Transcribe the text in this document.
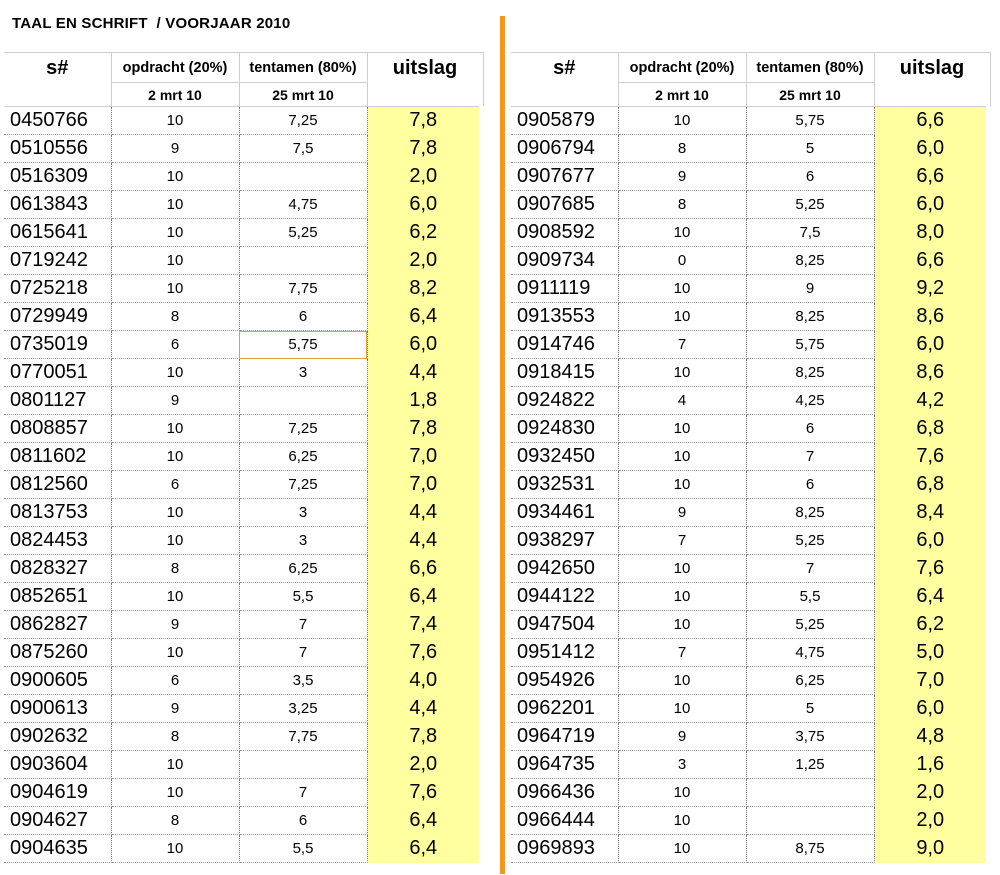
TAAL EN SCHRIFT  / VOORJAAR 2010
s#	opdracht (20%)	tentamen (80%)	uitslag
	2 mrt 10	25 mrt 10	
0450766	10	7,25	7,8
0510556	9	7,5	7,8
0516309	10		2,0
0613843	10	4,75	6,0
0615641	10	5,25	6,2
0719242	10		2,0
0725218	10	7,75	8,2
0729949	8	6	6,4
0735019	6	5,75	6,0
0770051	10	3	4,4
0801127	9		1,8
0808857	10	7,25	7,8
0811602	10	6,25	7,0
0812560	6	7,25	7,0
0813753	10	3	4,4
0824453	10	3	4,4
0828327	8	6,25	6,6
0852651	10	5,5	6,4
0862827	9	7	7,4
0875260	10	7	7,6
0900605	6	3,5	4,0
0900613	9	3,25	4,4
0902632	8	7,75	7,8
0903604	10		2,0
0904619	10	7	7,6
0904627	8	6	6,4
0904635	10	5,5	6,4
s#	opdracht (20%)	tentamen (80%)	uitslag
	2 mrt 10	25 mrt 10	
0905879	10	5,75	6,6
0906794	8	5	6,0
0907677	9	6	6,6
0907685	8	5,25	6,0
0908592	10	7,5	8,0
0909734	0	8,25	6,6
0911119	10	9	9,2
0913553	10	8,25	8,6
0914746	7	5,75	6,0
0918415	10	8,25	8,6
0924822	4	4,25	4,2
0924830	10	6	6,8
0932450	10	7	7,6
0932531	10	6	6,8
0934461	9	8,25	8,4
0938297	7	5,25	6,0
0942650	10	7	7,6
0944122	10	5,5	6,4
0947504	10	5,25	6,2
0951412	7	4,75	5,0
0954926	10	6,25	7,0
0962201	10	5	6,0
0964719	9	3,75	4,8
0964735	3	1,25	1,6
0966436	10		2,0
0966444	10		2,0
0969893	10	8,75	9,0
